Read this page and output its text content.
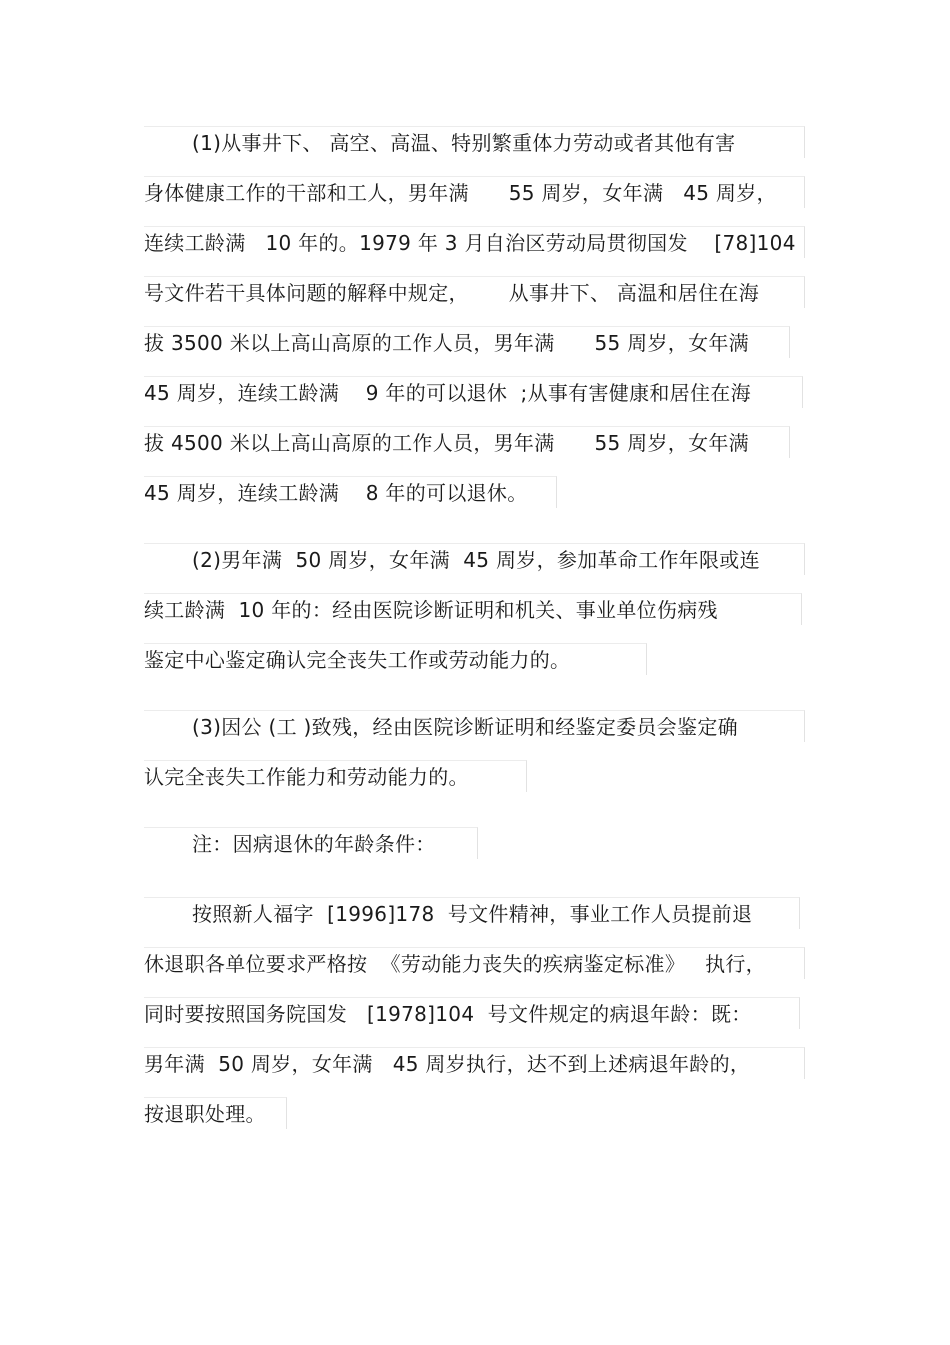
(1)从事井下、 高空、高温、特别繁重体力劳动或者其他有害
身体健康工作的干部和工人，男年满      55 周岁，女年满   45 周岁，
连续工龄满   10 年的。1979 年 3 月自治区劳动局贯彻国发    [78]104
号文件若干具体问题的解释中规定，      从事井下、 高温和居住在海
拔 3500 米以上高山高原的工作人员，男年满      55 周岁，女年满
45 周岁，连续工龄满    9 年的可以退休  ;从事有害健康和居住在海
拔 4500 米以上高山高原的工作人员，男年满      55 周岁，女年满
45 周岁，连续工龄满    8 年的可以退休。
(2)男年满  50 周岁，女年满  45 周岁，参加革命工作年限或连
续工龄满  10 年的：经由医院诊断证明和机关、事业单位伤病残
鉴定中心鉴定确认完全丧失工作或劳动能力的。
(3)因公 (工 )致残，经由医院诊断证明和经鉴定委员会鉴定确
认完全丧失工作能力和劳动能力的。
注：因病退休的年龄条件：
按照新人福字  [1996]178  号文件精神，事业工作人员提前退
休退职各单位要求严格按  《劳动能力丧失的疾病鉴定标准》   执行，
同时要按照国务院国发   [1978]104  号文件规定的病退年龄：既：
男年满  50 周岁，女年满   45 周岁执行，达不到上述病退年龄的，
按退职处理。
